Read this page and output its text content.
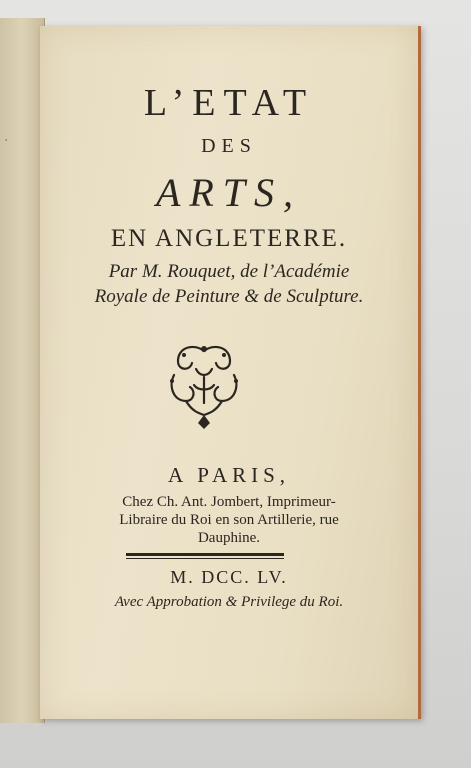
·
L’ETAT
DES
ARTS,
EN ANGLETERRE.
Par M. Rouquet, de l’Académie
Royale de Peinture & de Sculpture.
A PARIS,
Chez Ch. Ant. Jombert, Imprimeur-
Libraire du Roi en son Artillerie, rue
Dauphine.
M. DCC. LV.
Avec Approbation & Privilege du Roi.
